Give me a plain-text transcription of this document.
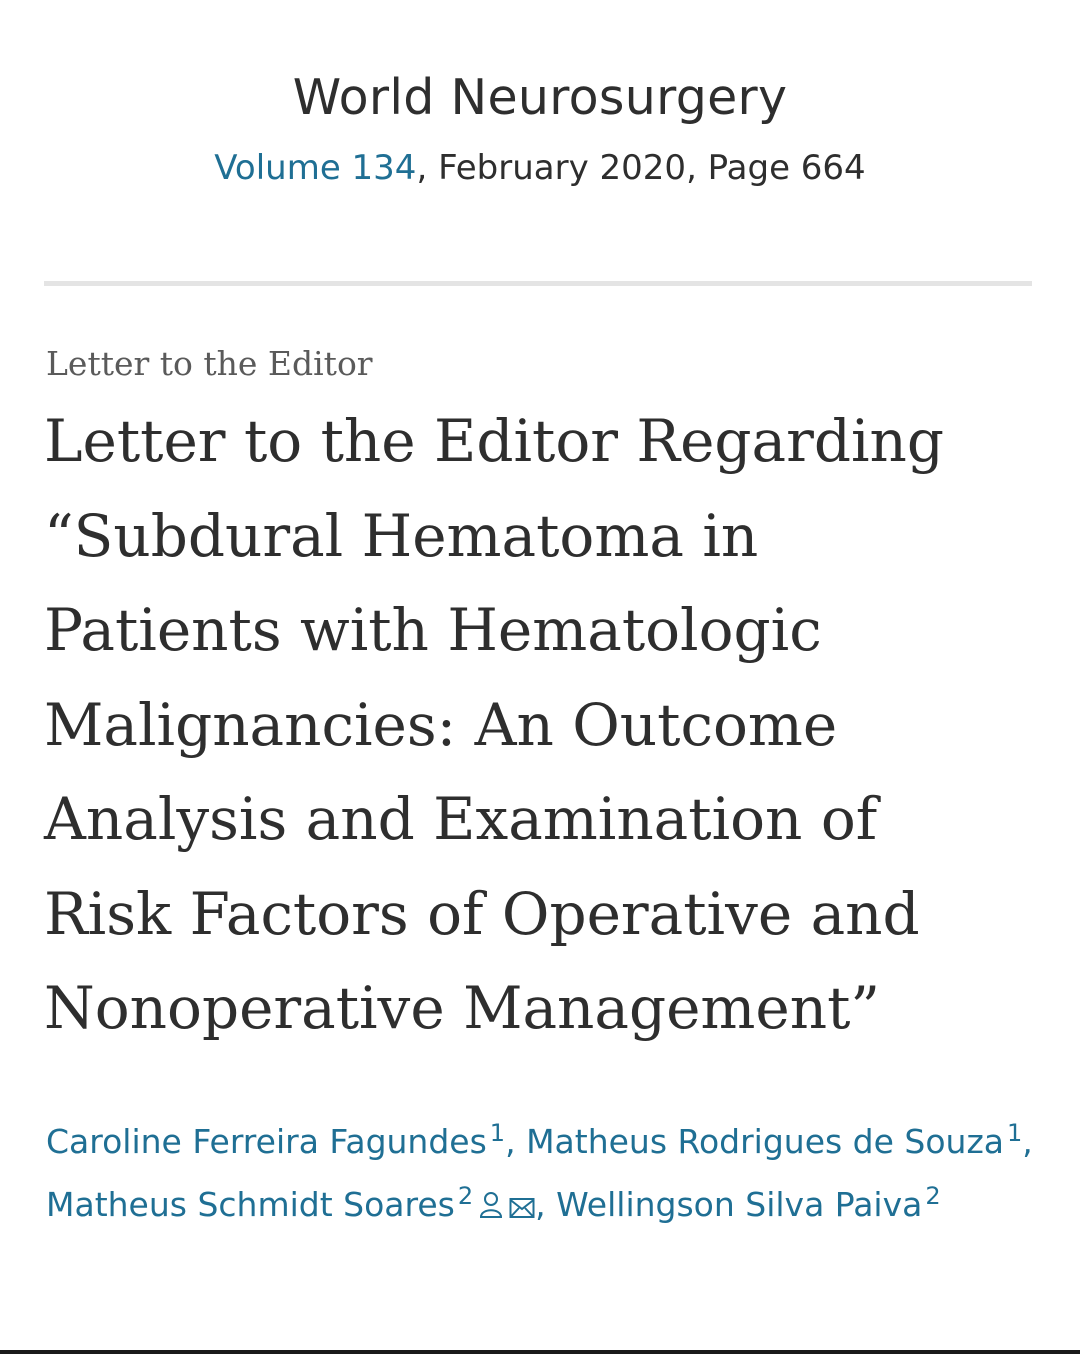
World Neurosurgery
Volume 134, February 2020, Page 664
Letter to the Editor
Letter to the Editor Regarding
“Subdural Hematoma in
Patients with Hematologic
Malignancies: An Outcome
Analysis and Examination of
Risk Factors of Operative and
Nonoperative Management”
Caroline Ferreira Fagundes $^1$, Matheus Rodrigues de Souza $^1$, Matheus Schmidt Soares $^2$ , Wellingson Silva Paiva $^2$
